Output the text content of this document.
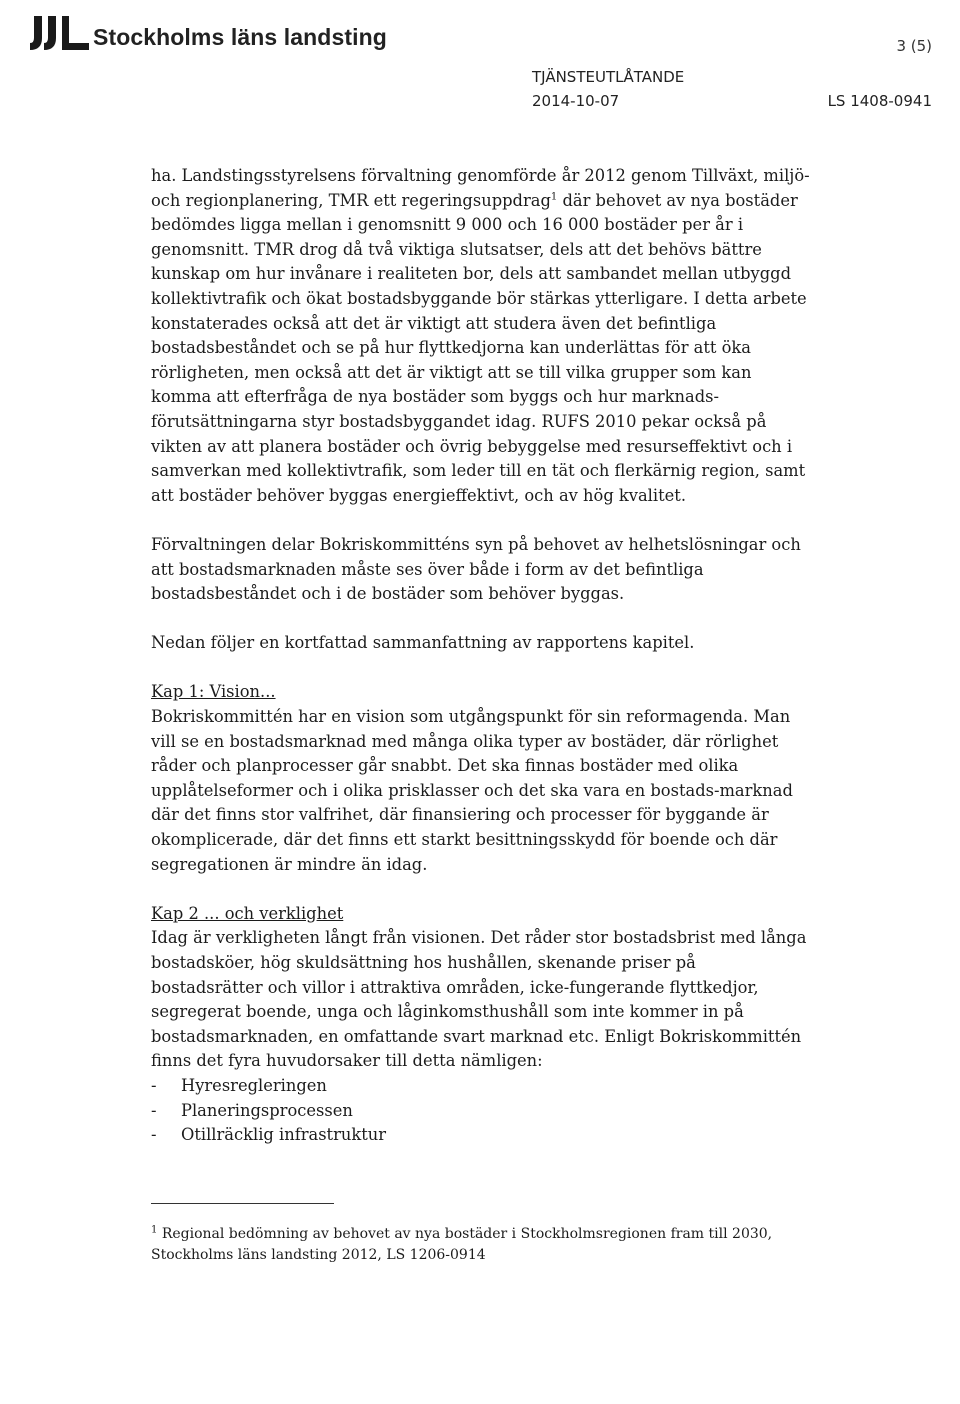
Stockholms läns landsting	3 (5)
TJÄNSTEUTLÅTANDE
2014-10-07	LS 1408-0941

ha. Landstingsstyrelsens förvaltning genomförde år 2012 genom Tillväxt, miljö- och regionplanering, TMR ett regeringsuppdrag$^1$ där behovet av nya bostäder bedömdes ligga mellan i genomsnitt 9 000 och 16 000 bostäder per år i genomsnitt. TMR drog då två viktiga slutsatser, dels att det behövs bättre kunskap om hur invånare i realiteten bor, dels att sambandet mellan utbyggd kollektivtrafik och ökat bostadsbyggande bör stärkas ytterligare. I detta arbete konstaterades också att det är viktigt att studera även det befintliga bostadsbeståndet och se på hur flyttkedjorna kan underlättas för att öka rörligheten, men också att det är viktigt att se till vilka grupper som kan komma att efterfråga de nya bostäder som byggs och hur marknads-förutsättningarna styr bostadsbyggandet idag. RUFS 2010 pekar också på vikten av att planera bostäder och övrig bebyggelse med resurseffektivt och i samverkan med kollektivtrafik, som leder till en tät och flerkärnig region, samt att bostäder behöver byggas energieffektivt, och av hög kvalitet.

Förvaltningen delar Bokriskommitténs syn på behovet av helhetslösningar och att bostadsmarknaden måste ses över både i form av det befintliga bostadsbeståndet och i de bostäder som behöver byggas.

Nedan följer en kortfattad sammanfattning av rapportens kapitel.

Kap 1: Vision...

Bokriskommittén har en vision som utgångspunkt för sin reformagenda. Man vill se en bostadsmarknad med många olika typer av bostäder, där rörlighet råder och planprocesser går snabbt. Det ska finnas bostäder med olika upplåtelseformer och i olika prisklasser och det ska vara en bostads-marknad där det finns stor valfrihet, där finansiering och processer för byggande är okomplicerade, där det finns ett starkt besittningsskydd för boende och där segregationen är mindre än idag.

Kap 2 ... och verklighet

Idag är verkligheten långt från visionen. Det råder stor bostadsbrist med långa bostadsköer, hög skuldsättning hos hushållen, skenande priser på bostadsrätter och villor i attraktiva områden, icke-fungerande flyttkedjor, segregerat boende, unga och låginkomsthushåll som inte kommer in på bostadsmarknaden, en omfattande svart marknad etc. Enligt Bokriskommittén finns det fyra huvudorsaker till detta nämligen:

- Hyresregleringen
- Planeringsprocessen
- Otillräcklig infrastruktur
$^1$ Regional bedömning av behovet av nya bostäder i Stockholmsregionen fram till 2030,
Stockholms läns landsting 2012, LS 1206-0914
